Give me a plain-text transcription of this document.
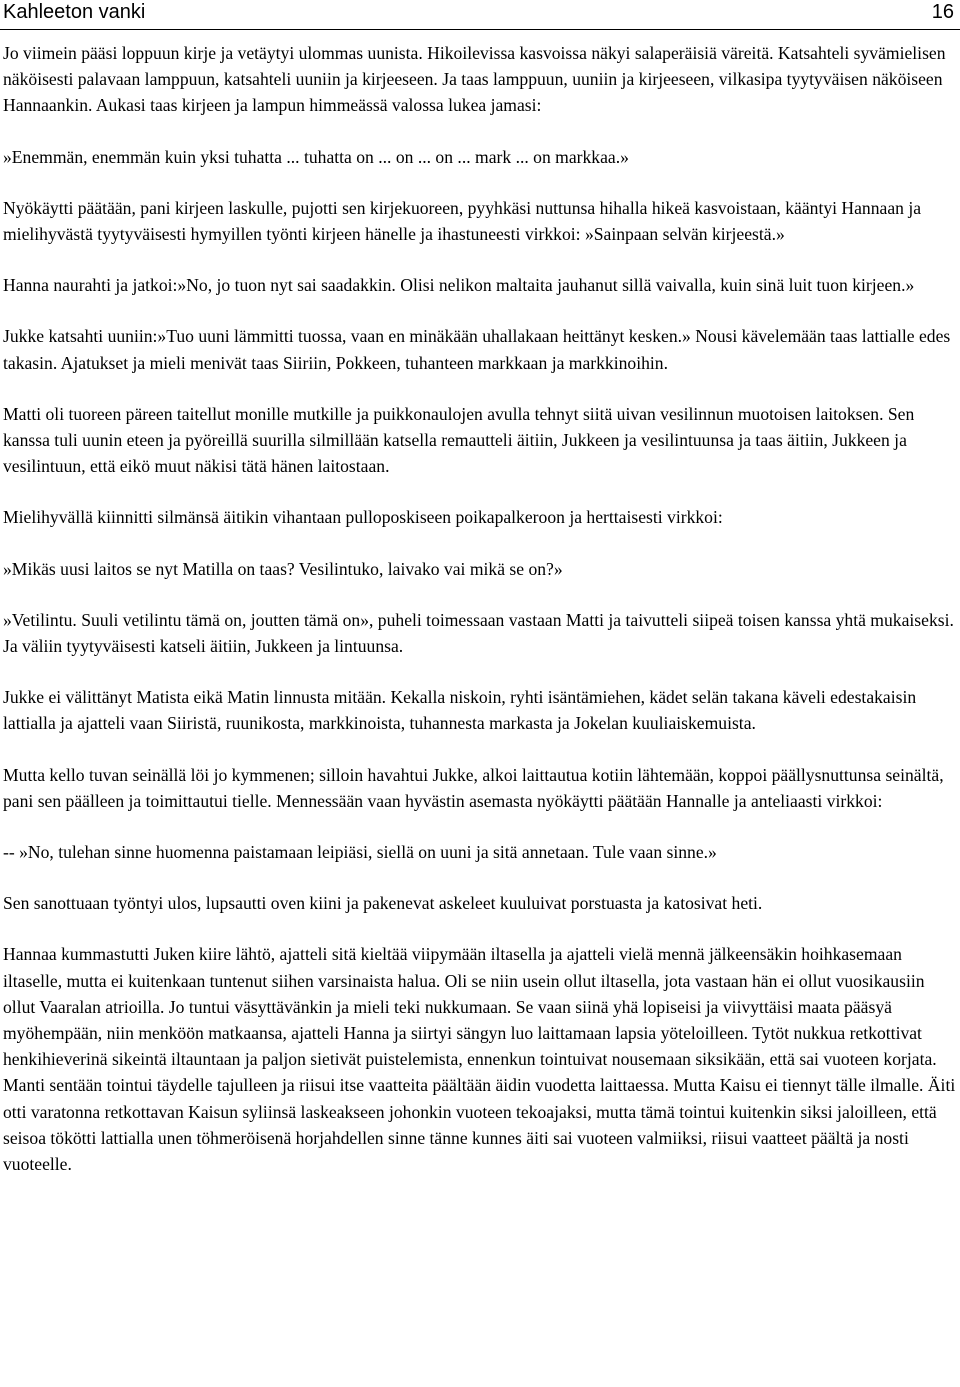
Kahleeton vanki	16

Jo viimein pääsi loppuun kirje ja vetäytyi ulommas uunista. Hikoilevissa kasvoissa näkyi salaperäisiä väreitä. Katsahteli syvämielisen näköisesti palavaan lamppuun, katsahteli uuniin ja kirjeeseen. Ja taas lamppuun, uuniin ja kirjeeseen, vilkasipa tyytyväisen näköiseen Hannaankin. Aukasi taas kirjeen ja lampun himmeässä valossa lukea jamasi:

»Enemmän, enemmän kuin yksi tuhatta ... tuhatta on ... on ... on ... mark ... on markkaa.»

Nyökäytti päätään, pani kirjeen laskulle, pujotti sen kirjekuoreen, pyyhkäsi nuttunsa hihalla hikeä kasvoistaan, kääntyi Hannaan ja mielihyvästä tyytyväisesti hymyillen työnti kirjeen hänelle ja ihastuneesti virkkoi: »Sainpaan selvän kirjeestä.»

Hanna naurahti ja jatkoi:»No, jo tuon nyt sai saadakkin. Olisi nelikon maltaita jauhanut sillä vaivalla, kuin sinä luit tuon kirjeen.»

Jukke katsahti uuniin:»Tuo uuni lämmitti tuossa, vaan en minäkään uhallakaan heittänyt kesken.» Nousi kävelemään taas lattialle edes takasin. Ajatukset ja mieli menivät taas Siiriin, Pokkeen, tuhanteen markkaan ja markkinoihin.

Matti oli tuoreen päreen taitellut monille mutkille ja puikkonaulojen avulla tehnyt siitä uivan vesilinnun muotoisen laitoksen. Sen kanssa tuli uunin eteen ja pyöreillä suurilla silmillään katsella remautteli äitiin, Jukkeen ja vesilintuunsa ja taas äitiin, Jukkeen ja vesilintuun, että eikö muut näkisi tätä hänen laitostaan.

Mielihyvällä kiinnitti silmänsä äitikin vihantaan pulloposkiseen poikapalkeroon ja herttaisesti virkkoi:

»Mikäs uusi laitos se nyt Matilla on taas? Vesilintuko, laivako vai mikä se on?»

»Vetilintu. Suuli vetilintu tämä on, joutten tämä on», puheli toimessaan vastaan Matti ja taivutteli siipeä toisen kanssa yhtä mukaiseksi. Ja väliin tyytyväisesti katseli äitiin, Jukkeen ja lintuunsa.

Jukke ei välittänyt Matista eikä Matin linnusta mitään. Kekalla niskoin, ryhti isäntämiehen, kädet selän takana käveli edestakaisin lattialla ja ajatteli vaan Siiristä, ruunikosta, markkinoista, tuhannesta markasta ja Jokelan kuuliaiskemuista.

Mutta kello tuvan seinällä löi jo kymmenen; silloin havahtui Jukke, alkoi laittautua kotiin lähtemään, koppoi päällysnuttunsa seinältä, pani sen päälleen ja toimittautui tielle. Mennessään vaan hyvästin asemasta nyökäytti päätään Hannalle ja anteliaasti virkkoi:

-- »No, tulehan sinne huomenna paistamaan leipiäsi, siellä on uuni ja sitä annetaan. Tule vaan sinne.»

Sen sanottuaan työntyi ulos, lupsautti oven kiini ja pakenevat askeleet kuuluivat porstuasta ja katosivat heti.

Hannaa kummastutti Juken kiire lähtö, ajatteli sitä kieltää viipymään iltasella ja ajatteli vielä mennä jälkeensäkin hoihkasemaan iltaselle, mutta ei kuitenkaan tuntenut siihen varsinaista halua. Oli se niin usein ollut iltasella, jota vastaan hän ei ollut vuosikausiin ollut Vaaralan atrioilla. Jo tuntui väsyttävänkin ja mieli teki nukkumaan. Se vaan siinä yhä lopiseisi ja viivyttäisi maata pääsyä myöhempään, niin menköön matkaansa, ajatteli Hanna ja siirtyi sängyn luo laittamaan lapsia yöteloilleen. Tytöt nukkua retkottivat henkihieverinä sikeintä iltauntaan ja paljon sietivät puistelemista, ennenkun tointuivat nousemaan siksikään, että sai vuoteen korjata. Manti sentään tointui täydelle tajulleen ja riisui itse vaatteita päältään äidin vuodetta laittaessa. Mutta Kaisu ei tiennyt tälle ilmalle. Äiti otti varatonna retkottavan Kaisun syliinsä laskeakseen johonkin vuoteen tekoajaksi, mutta tämä tointui kuitenkin siksi jaloilleen, että seisoa tökötti lattialla unen töhmeröisenä horjahdellen sinne tänne kunnes äiti sai vuoteen valmiiksi, riisui vaatteet päältä ja nosti vuoteelle.
